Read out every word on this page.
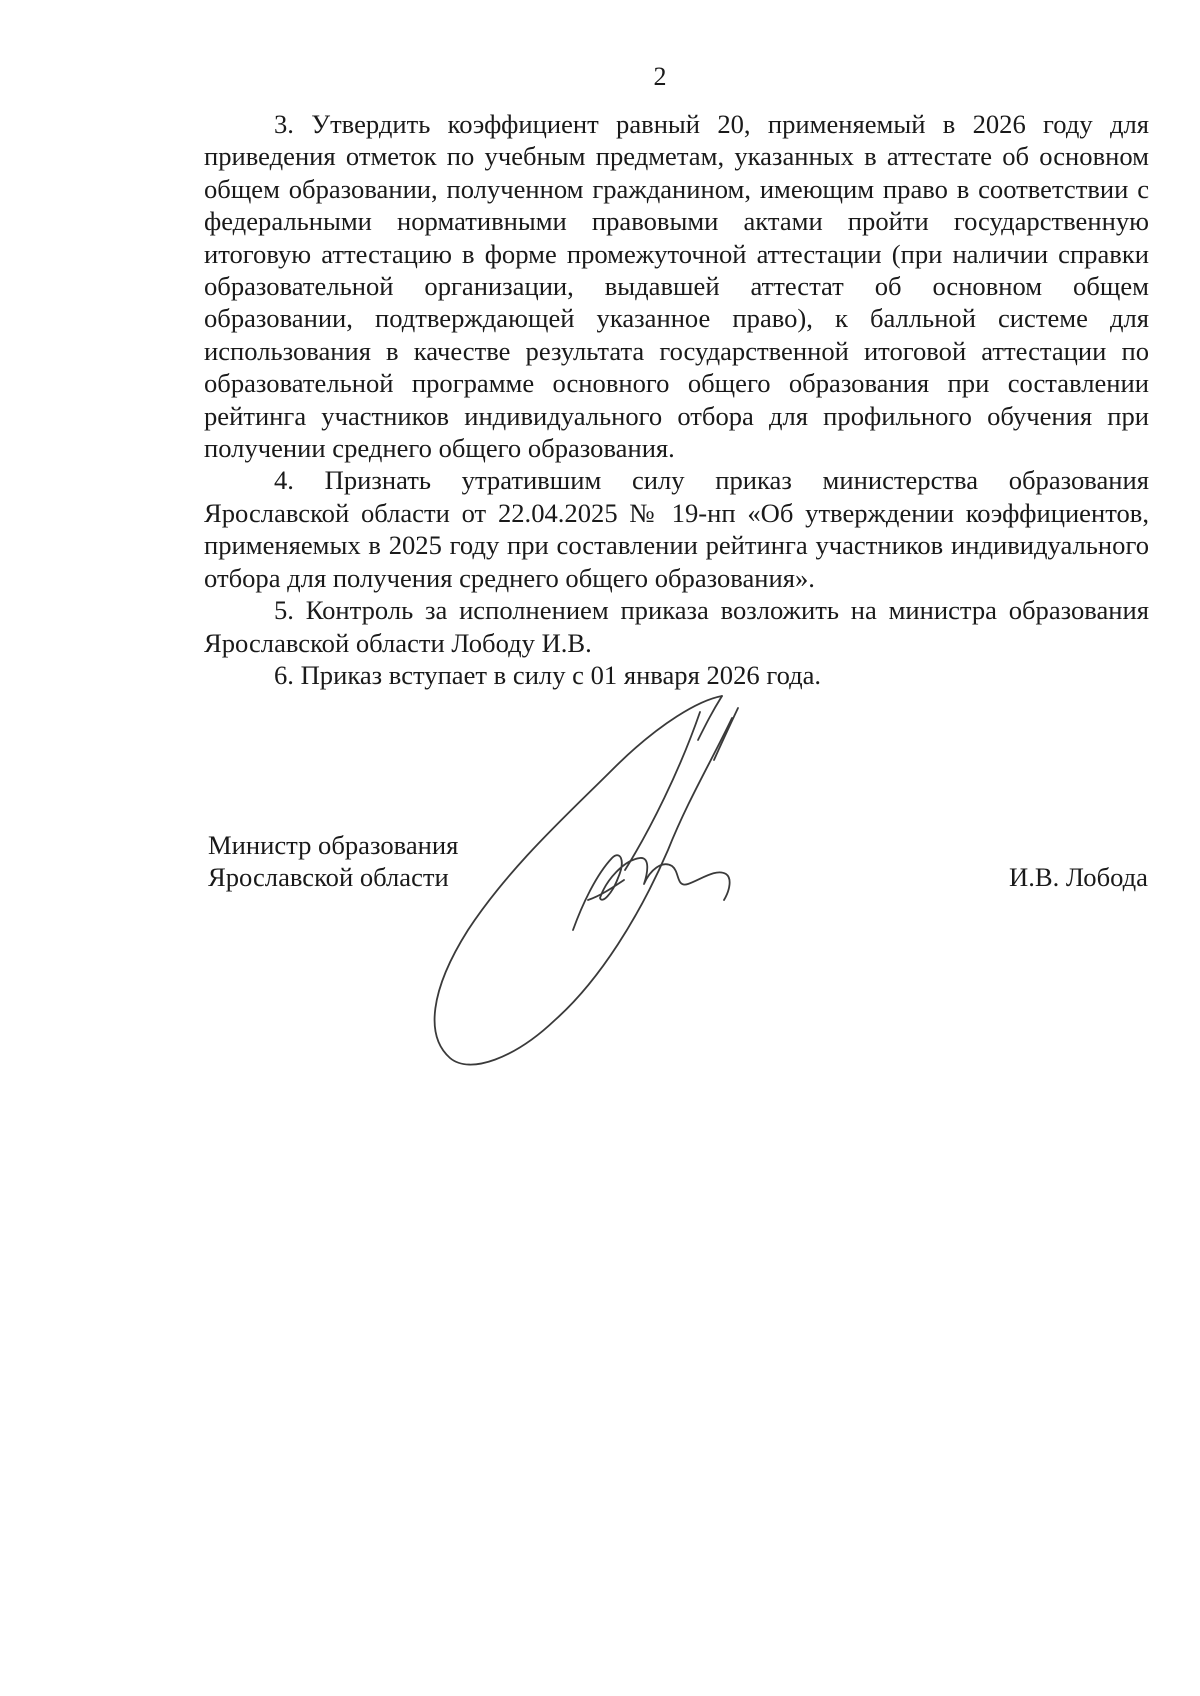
2

3. Утвердить коэффициент равный 20, применяемый в 2026 году для приведения отметок по учебным предметам, указанных в аттестате об основном общем образовании, полученном гражданином, имеющим право в соответствии с федеральными нормативными правовыми актами пройти государственную итоговую аттестацию в форме промежуточной аттестации (при наличии справки образовательной организации, выдавшей аттестат об основном общем образовании, подтверждающей указанное право), к балльной системе для использования в качестве результата государственной итоговой аттестации по образовательной программе основного общего образования при составлении рейтинга участников индивидуального отбора для профильного обучения при получении среднего общего образования.

4. Признать утратившим силу приказ министерства образования Ярославской области от 22.04.2025 № 19-нп «Об утверждении коэффициентов, применяемых в 2025 году при составлении рейтинга участников индивидуального отбора для получения среднего общего образования».

5. Контроль за исполнением приказа возложить на министра образования Ярославской области Лободу И.В.

6. Приказ вступает в силу с 01 января 2026 года.

Министр образования
Ярославской области	И.В. Лобода
